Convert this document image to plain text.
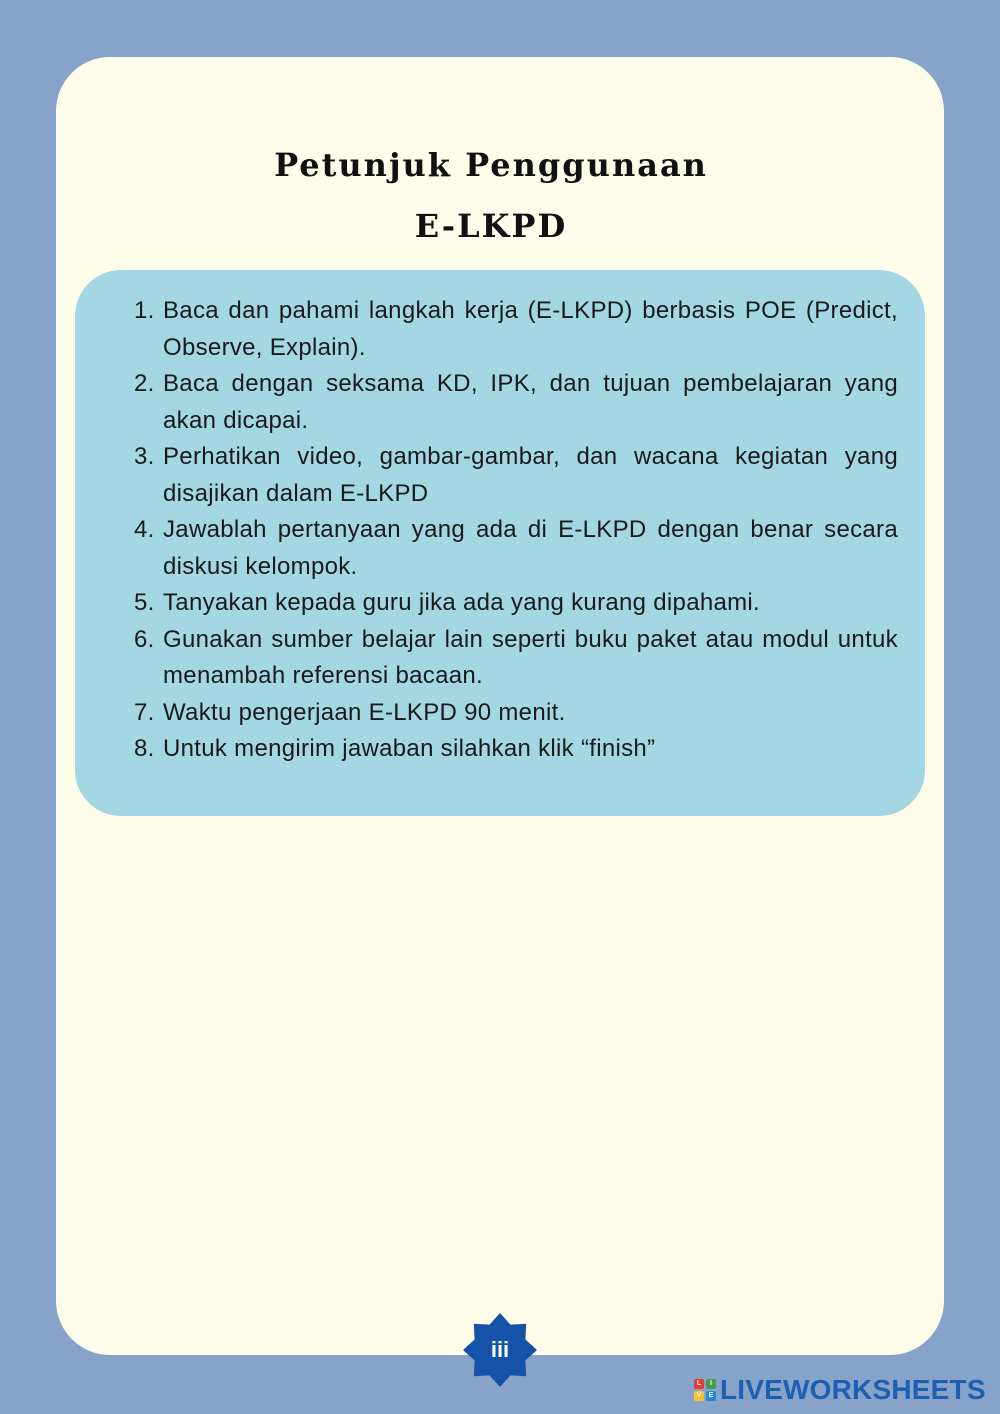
Petunjuk Penggunaan
E-LKPD
1. Baca dan pahami langkah kerja (E-LKPD) berbasis POE (Predict, Observe, Explain).
2. Baca dengan seksama KD, IPK, dan tujuan pembelajaran yang akan dicapai.
3. Perhatikan video, gambar-gambar, dan wacana kegiatan yang disajikan dalam E-LKPD
4. Jawablah pertanyaan yang ada di E-LKPD dengan benar secara diskusi kelompok.
5. Tanyakan kepada guru jika ada yang kurang dipahami.
6. Gunakan sumber belajar lain seperti buku paket atau modul untuk menambah referensi bacaan.
7. Waktu pengerjaan E-LKPD 90 menit.
8. Untuk mengirim jawaban silahkan klik “finish”
iii
L	I
V	E LIVEWORKSHEETS
